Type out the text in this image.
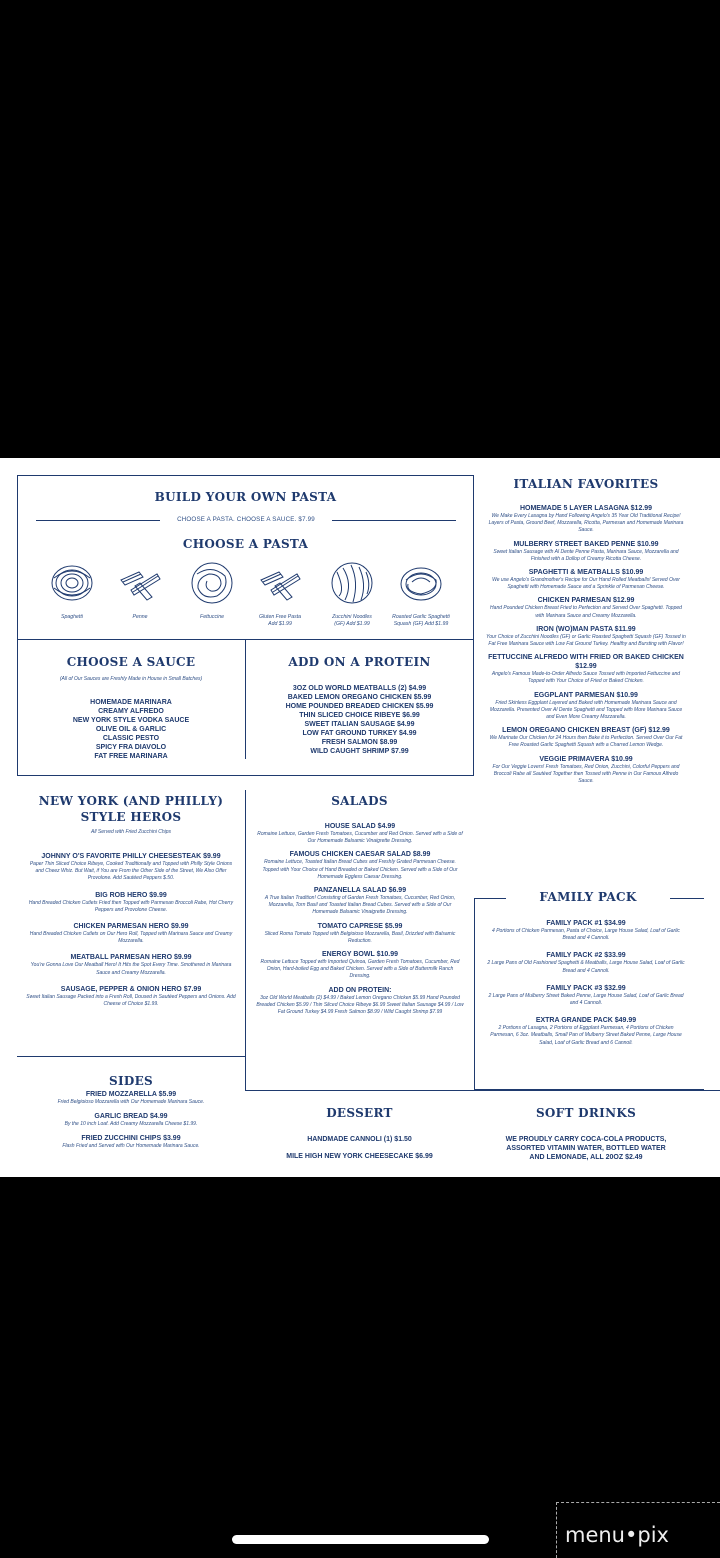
BUILD YOUR OWN PASTA
CHOOSE A PASTA. CHOOSE A SAUCE. $7.99
CHOOSE A PASTA
Spaghetti	Penne	Fettuccine	Gluten Free Pasta
Add $1.99
Zucchini Noodles
(GF) Add $1.99
Roasted Garlic Spaghetti
Squash (GF) Add $1.99
CHOOSE A SAUCE
(All of Our Sauces are Freshly Made in House in Small Batches)
HOMEMADE MARINARA
CREAMY ALFREDO
NEW YORK STYLE VODKA SAUCE
OLIVE OIL & GARLIC
CLASSIC PESTO
SPICY FRA DIAVOLO
FAT FREE MARINARA
ADD ON A PROTEIN
3OZ OLD WORLD MEATBALLS (2) $4.99
BAKED LEMON OREGANO CHICKEN $5.99
HOME POUNDED BREADED CHICKEN $5.99
THIN SLICED CHOICE RIBEYE $6.99
SWEET ITALIAN SAUSAGE $4.99
LOW FAT GROUND TURKEY $4.99
FRESH SALMON $8.99
WILD CAUGHT SHRIMP $7.99
ITALIAN FAVORITES
HOMEMADE 5 LAYER LASAGNA $12.99
We Make Every Lasagna by Hand Following Angelo's 35 Year Old Traditional Recipe! Layers of Pasta, Ground Beef, Mozzarella, Ricotta, Parmesan and Homemade Marinara Sauce.
MULBERRY STREET BAKED PENNE $10.99
Sweet Italian Sausage with Al Dente Penne Pasta, Marinara Sauce, Mozzarella and Finished with a Dollop of Creamy Ricotta Cheese.
SPAGHETTI & MEATBALLS $10.99
We use Angelo's Grandmother's Recipe for Our Hand Rolled Meatballs! Served Over Spaghetti with Homemade Sauce and a Sprinkle of Parmesan Cheese.
CHICKEN PARMESAN $12.99
Hand Pounded Chicken Breast Fried to Perfection and Served Over Spaghetti. Topped with Marinara Sauce and Creamy Mozzarella.
IRON (WO)MAN PASTA $11.99
Your Choice of Zucchini Noodles (GF) or Garlic Roasted Spaghetti Squash (GF) Tossed in Fat Free Marinara Sauce with Low Fat Ground Turkey. Healthy and Bursting with Flavor!
FETTUCCINE ALFREDO WITH FRIED OR BAKED CHICKEN $12.99
Angelo's Famous Made-to-Order Alfredo Sauce Tossed with Imported Fettuccine and Topped with Your Choice of Fried or Baked Chicken.
EGGPLANT PARMESAN $10.99
Fried Skinless Eggplant Layered and Baked with Homemade Marinara Sauce and Mozzarella. Presented Over Al Dente Spaghetti and Topped with More Marinara Sauce and Even More Creamy Mozzarella.
LEMON OREGANO CHICKEN BREAST (GF) $12.99
We Marinate Our Chicken for 24 Hours then Bake it to Perfection. Served Over Our Fat Free Roasted Garlic Spaghetti Squash with a Charred Lemon Wedge.
VEGGIE PRIMAVERA $10.99
For Our Veggie Lovers! Fresh Tomatoes, Red Onion, Zucchini, Colorful Peppers and Broccoli Rabe all Sautéed Together then Tossed with Penne in Our Famous Alfredo Sauce.
FAMILY PACK
FAMILY PACK #1 $34.99
4 Portions of Chicken Parmesan, Pasta of Choice, Large House Salad, Loaf of Garlic Bread and 4 Cannoli.
FAMILY PACK #2 $33.99
2 Large Pans of Old Fashioned Spaghetti & Meatballs, Large House Salad, Loaf of Garlic Bread and 4 Cannoli.
FAMILY PACK #3 $32.99
2 Large Pans of Mulberry Street Baked Penne, Large House Salad, Loaf of Garlic Bread and 4 Cannoli.
EXTRA GRANDE PACK $49.99
2 Portions of Lasagna, 2 Portions of Eggplant Parmesan, 4 Portions of Chicken Parmesan, 6 3oz. Meatballs, Small Pan of Mulberry Street Baked Penne, Large House Salad, Loaf of Garlic Bread and 6 Cannoli.
NEW YORK (AND PHILLY)
STYLE HEROS
All Served with Fried Zucchini Chips
JOHNNY O'S FAVORITE PHILLY CHEESESTEAK $9.99
Paper Thin Sliced Choice Ribeye, Cooked Traditionally and Topped with Philly Style Onions and Cheez Whiz. But Wait, if You are From the Other Side of the Street, We Also Offer Provolone. Add Sautéed Peppers $.50.
BIG ROB HERO $9.99
Hand Breaded Chicken Cutlets Fried then Topped with Parmesan Broccoli Rabe, Hot Cherry Peppers and Provolone Cheese.
CHICKEN PARMESAN HERO $9.99
Hand Breaded Chicken Cutlets on Our Hero Roll, Topped with Marinara Sauce and Creamy Mozzarella.
MEATBALL PARMESAN HERO $9.99
You're Gonna Love Our Meatball Hero! It Hits the Spot Every Time. Smothered in Marinara Sauce and Creamy Mozzarella.
SAUSAGE, PEPPER & ONION HERO $7.99
Sweet Italian Sausage Packed into a Fresh Roll, Doused in Sautéed Peppers and Onions. Add Cheese of Choice $1.99.
SALADS
HOUSE SALAD $4.99
Romaine Lettuce, Garden Fresh Tomatoes, Cucumber and Red Onion. Served with a Side of Our Homemade Balsamic Vinaigrette Dressing.
FAMOUS CHICKEN CAESAR SALAD $8.99
Romaine Lettuce, Toasted Italian Bread Cubes and Freshly Grated Parmesan Cheese. Topped with Your Choice of Hand Breaded or Baked Chicken. Served with a Side of Our Homemade Eggless Caesar Dressing.
PANZANELLA SALAD $6.99
A True Italian Tradition! Consisting of Garden Fresh Tomatoes, Cucumber, Red Onion, Mozzarella, Torn Basil and Toasted Italian Bread Cubes. Served with a Side of Our Homemade Balsamic Vinaigrette Dressing.
TOMATO CAPRESE $5.99
Sliced Roma Tomato Topped with Belgioioso Mozzarella, Basil, Drizzled with Balsamic Reduction.
ENERGY BOWL $10.99
Romaine Lettuce Topped with Imported Quinoa, Garden Fresh Tomatoes, Cucumber, Red Onion, Hard-boiled Egg and Baked Chicken. Served with a Side of Buttermilk Ranch Dressing.
ADD ON PROTEIN:
3oz Old World Meatballs (2) $4.99 / Baked Lemon Oregano Chicken $5.99 Hand Pounded Breaded Chicken $5.99 / Thin Sliced Choice Ribeye $6.99 Sweet Italian Sausage $4.99 / Low Fat Ground Turkey $4.99 Fresh Salmon $8.99 / Wild Caught Shrimp $7.99
SIDES
FRIED MOZZARELLA $5.99
Fried Belgioioso Mozzarella with Our Homemade Marinara Sauce.
GARLIC BREAD $4.99
By the 10 inch Loaf. Add Creamy Mozzarella Cheese $1.99.
FRIED ZUCCHINI CHIPS $3.99
Flash Fried and Served with Our Homemade Marinara Sauce.
DESSERT
HANDMADE CANNOLI (1) $1.50
MILE HIGH NEW YORK CHEESECAKE $6.99
SOFT DRINKS
WE PROUDLY CARRY COCA-COLA PRODUCTS,
ASSORTED VITAMIN WATER, BOTTLED WATER
AND LEMONADE, ALL 20OZ $2.49
menu•pix
